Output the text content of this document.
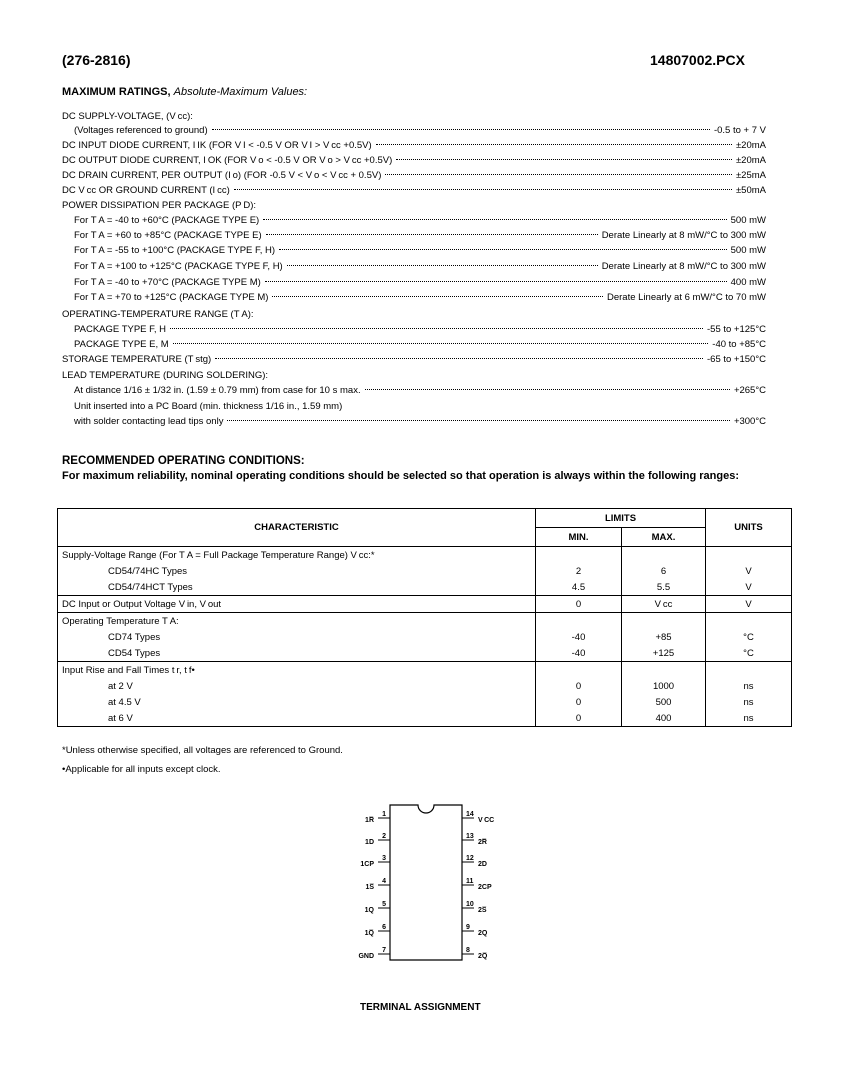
(276-2816)	14807002.PCX
MAXIMUM RATINGS, Absolute-Maximum Values:
DC SUPPLY-VOLTAGE, (V cc):
(Voltages referenced to ground)	-0.5 to + 7 V
DC INPUT DIODE CURRENT, I IK (FOR V I < -0.5 V OR V I > V cc +0.5V)	±20mA
DC OUTPUT DIODE CURRENT, I OK (FOR V o < -0.5 V OR V o > V cc +0.5V)	±20mA
DC DRAIN CURRENT, PER OUTPUT (I o) (FOR -0.5 V < V o < V cc + 0.5V)	±25mA
DC V cc OR GROUND CURRENT (I cc)	±50mA
POWER DISSIPATION PER PACKAGE (P D):
For T A = -40 to +60°C (PACKAGE TYPE E)	500 mW
For T A = +60 to +85°C (PACKAGE TYPE E)	Derate Linearly at 8 mW/°C to 300 mW
For T A = -55 to +100°C (PACKAGE TYPE F, H)	500 mW
For T A = +100 to +125°C (PACKAGE TYPE F, H)	Derate Linearly at 8 mW/°C to 300 mW
For T A = -40 to +70°C (PACKAGE TYPE M)	400 mW
For T A = +70 to +125°C (PACKAGE TYPE M)	Derate Linearly at 6 mW/°C to 70 mW
OPERATING-TEMPERATURE RANGE (T A):
PACKAGE TYPE F, H	-55 to +125°C
PACKAGE TYPE E, M	-40 to +85°C
STORAGE TEMPERATURE (T stg)	-65 to +150°C
LEAD TEMPERATURE (DURING SOLDERING):
At distance 1/16 ± 1/32 in. (1.59 ± 0.79 mm) from case for 10 s max.	+265°C
Unit inserted into a PC Board (min. thickness 1/16 in., 1.59 mm)
with solder contacting lead tips only	+300°C
RECOMMENDED OPERATING CONDITIONS:
For maximum reliability, nominal operating conditions should be selected so that operation is always within the following ranges:
CHARACTERISTIC	LIMITS		UNITS
	MIN.	MAX.	
Supply-Voltage Range (For T A = Full Package Temperature Range) V cc:*			
CD54/74HC Types	2	6	V
CD54/74HCT Types	4.5	5.5	V
DC Input or Output Voltage V in, V out	0	V cc	V
Operating Temperature T A:			
CD74 Types	-40	+85	°C
CD54 Types	-40	+125	°C
Input Rise and Fall Times t r, t f•			
at 2 V	0	1000	ns
at 4.5 V	0	500	ns
at 6 V	0	400	ns
*Unless otherwise specified, all voltages are referenced to Ground.
•Applicable for all inputs except clock.
1
1R̅
2
1D
3
1CP
4
1S̅
5
1Q
6
1Q̅
7
GND
14
V CC
13
2R̅
12
2D
11
2CP
10
2S̅
9
2Q
8
2Q̅
TERMINAL ASSIGNMENT
